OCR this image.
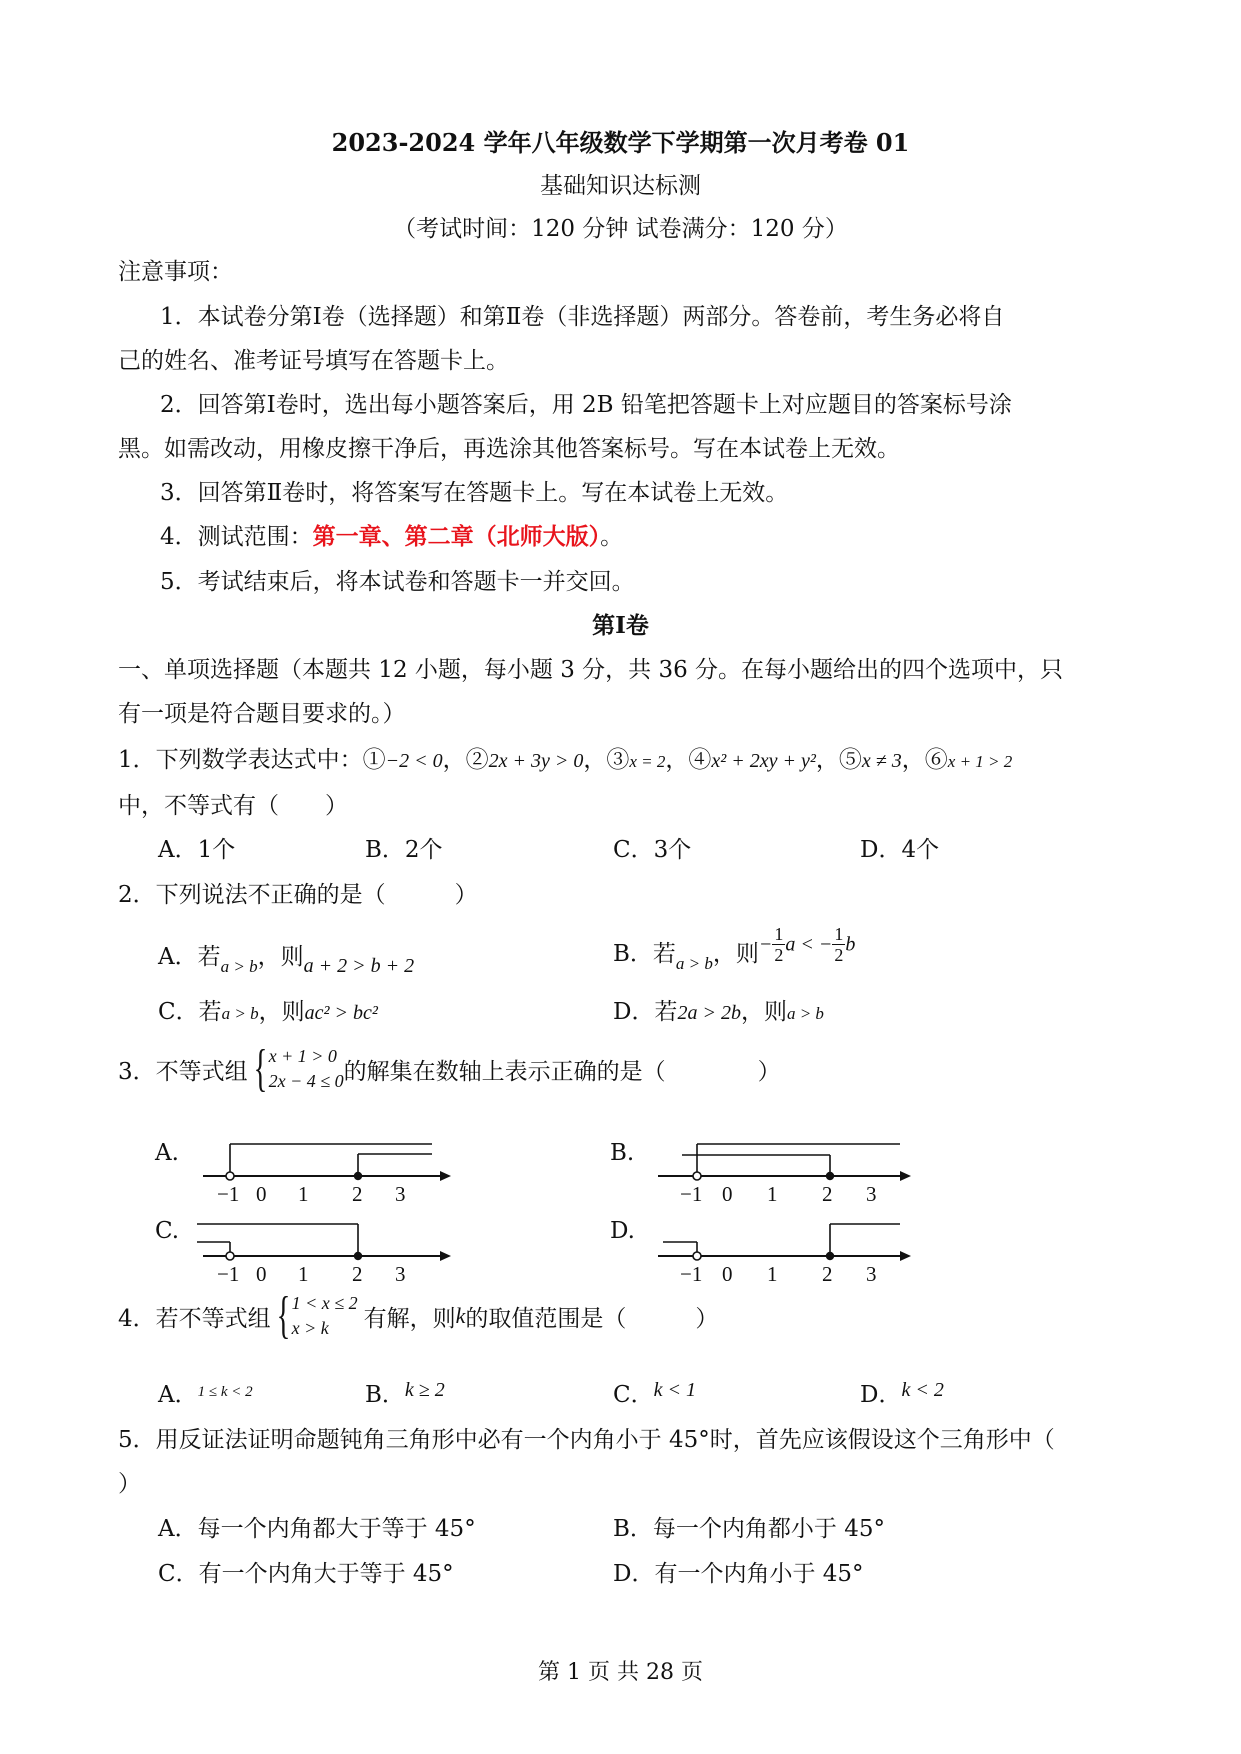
2023-2024 学年八年级数学下学期第一次月考卷 01
基础知识达标测
（考试时间：120 分钟 试卷满分：120 分）
注意事项：
1．本试卷分第Ⅰ卷（选择题）和第Ⅱ卷（非选择题）两部分。答卷前，考生务必将自
己的姓名、准考证号填写在答题卡上。
2．回答第Ⅰ卷时，选出每小题答案后，用 2B 铅笔把答题卡上对应题目的答案标号涂
黑。如需改动，用橡皮擦干净后，再选涂其他答案标号。写在本试卷上无效。
3．回答第Ⅱ卷时，将答案写在答题卡上。写在本试卷上无效。
4．测试范围：第一章、第二章（北师大版）。
5．考试结束后，将本试卷和答题卡一并交回。
第Ⅰ卷
一、单项选择题（本题共 12 小题，每小题 3 分，共 36 分。在每小题给出的四个选项中，只
有一项是符合题目要求的。）
1．下列数学表达式中：①−2 < 0，②2x + 3y > 0，③x = 2，④x² + 2xy + y²，⑤x ≠ 3，⑥x + 1 > 2
中，不等式有（　　）
A．1个	B．2个	C．3个	D．4个
2．下列说法不正确的是（　　　）
A．若$_{a > b}$，则a + 2 > b + 2	B．若$_{a > b}$，则− $\frac{1}{2}$ a < − $\frac{1}{2}$ b
C．若a > b，则ac² > bc²	D．若2a > 2b，则a > b
3．不等式组 { x + 1 > 0
2x − 4 ≤ 0 的解集在数轴上表示正确的是（　　　　）
A.	B.
C.	D.
−1 0 1 2 3	−1 0 1 2 3
−1 0 1 2 3	−1 0 1 2 3
4．若不等式组 { 1 < x ≤ 2
x > k	有解，则 k 的取值范围是（　　　）
A．$^{1 \le k < 2}$	B．k ≥ 2	C．k < 1	D．k < 2
5．用反证法证明命题钝角三角形中必有一个内角小于 45°时，首先应该假设这个三角形中（
）
A．每一个内角都大于等于 45°	B．每一个内角都小于 45°
C．有一个内角大于等于 45°	D．有一个内角小于 45°
第 1 页 共 28 页
